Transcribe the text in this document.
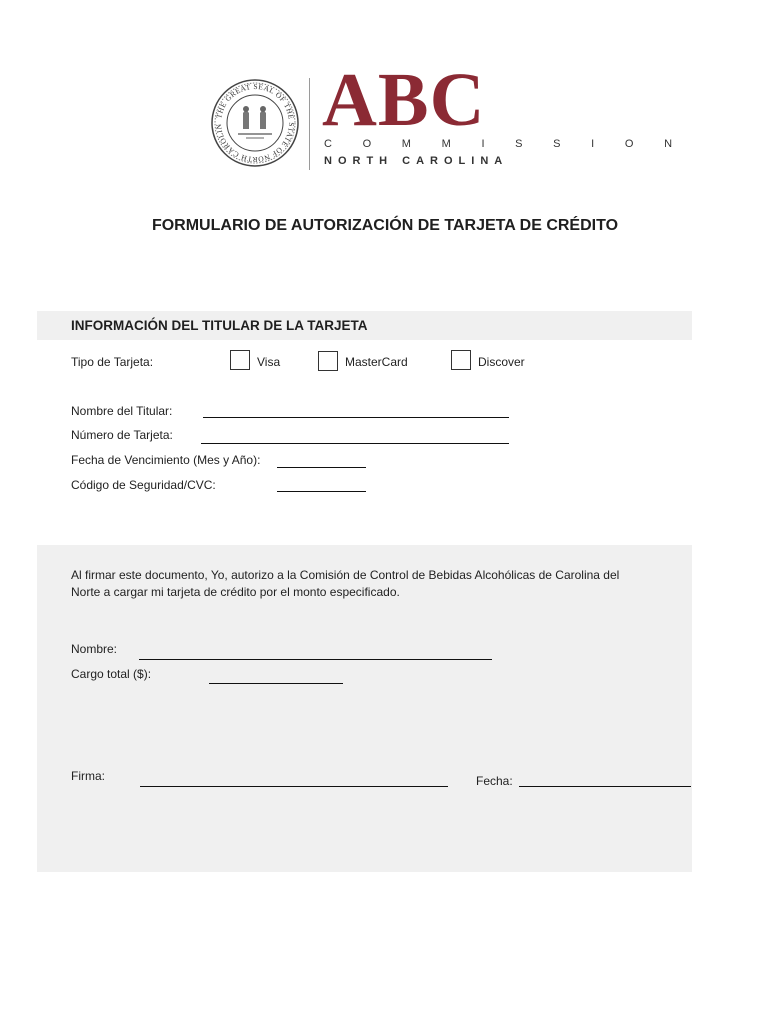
THE GREAT SEAL OF THE STATE OF NORTH CAROLIN	ABC
C O M M I S S I O N
NORTH CAROLINA
FORMULARIO DE AUTORIZACIÓN DE TARJETA DE CRÉDITO
INFORMACIÓN DEL TITULAR DE LA TARJETA
Tipo de Tarjeta:	Visa	MasterCard	Discover
Nombre del Titular:
Número de Tarjeta:
Fecha de Vencimiento (Mes y Año):
Código de Seguridad/CVC:
Al firmar este documento, Yo, autorizo a la Comisión de Control de Bebidas Alcohólicas de Carolina del Norte a cargar mi tarjeta de crédito por el monto especificado.
Nombre:
Cargo total ($):
Firma:	Fecha:
